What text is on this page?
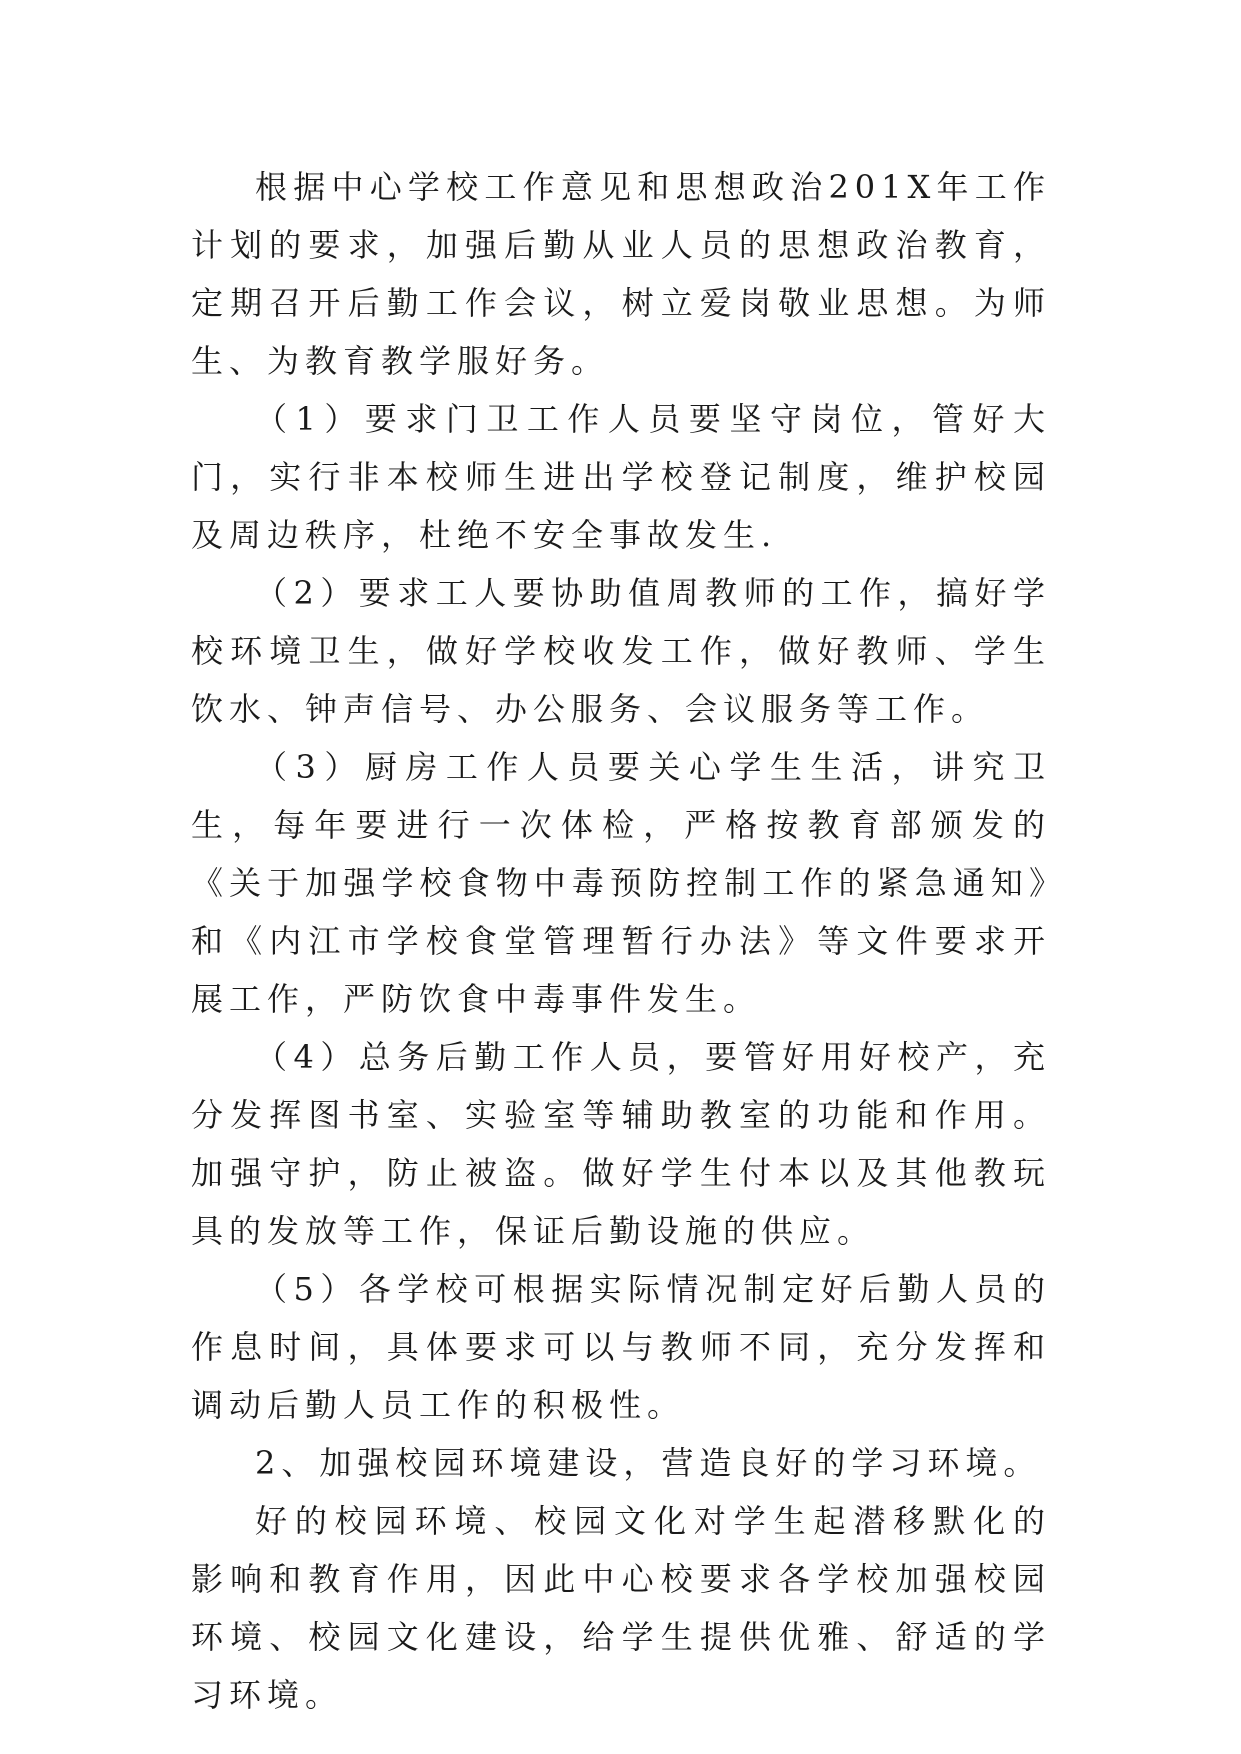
根据中心学校工作意见和思想政治201X年工作计划的要求，加强后勤从业人员的思想政治教育，定期召开后勤工作会议，树立爱岗敬业思想。为师生、为教育教学服好务。

（1）要求门卫工作人员要坚守岗位，管好大门，实行非本校师生进出学校登记制度，维护校园及周边秩序，杜绝不安全事故发生.

（2）要求工人要协助值周教师的工作，搞好学校环境卫生，做好学校收发工作，做好教师、学生饮水、钟声信号、办公服务、会议服务等工作。

（3）厨房工作人员要关心学生生活，讲究卫生，每年要进行一次体检，严格按教育部颁发的《关于加强学校食物中毒预防控制工作的紧急通知》和《内江市学校食堂管理暂行办法》等文件要求开展工作，严防饮食中毒事件发生。

（4）总务后勤工作人员，要管好用好校产，充分发挥图书室、实验室等辅助教室的功能和作用。加强守护，防止被盗。做好学生付本以及其他教玩具的发放等工作，保证后勤设施的供应。

（5）各学校可根据实际情况制定好后勤人员的作息时间，具体要求可以与教师不同，充分发挥和调动后勤人员工作的积极性。

2、加强校园环境建设，营造良好的学习环境。

好的校园环境、校园文化对学生起潜移默化的影响和教育作用，因此中心校要求各学校加强校园环境、校园文化建设，给学生提供优雅、舒适的学习环境。
